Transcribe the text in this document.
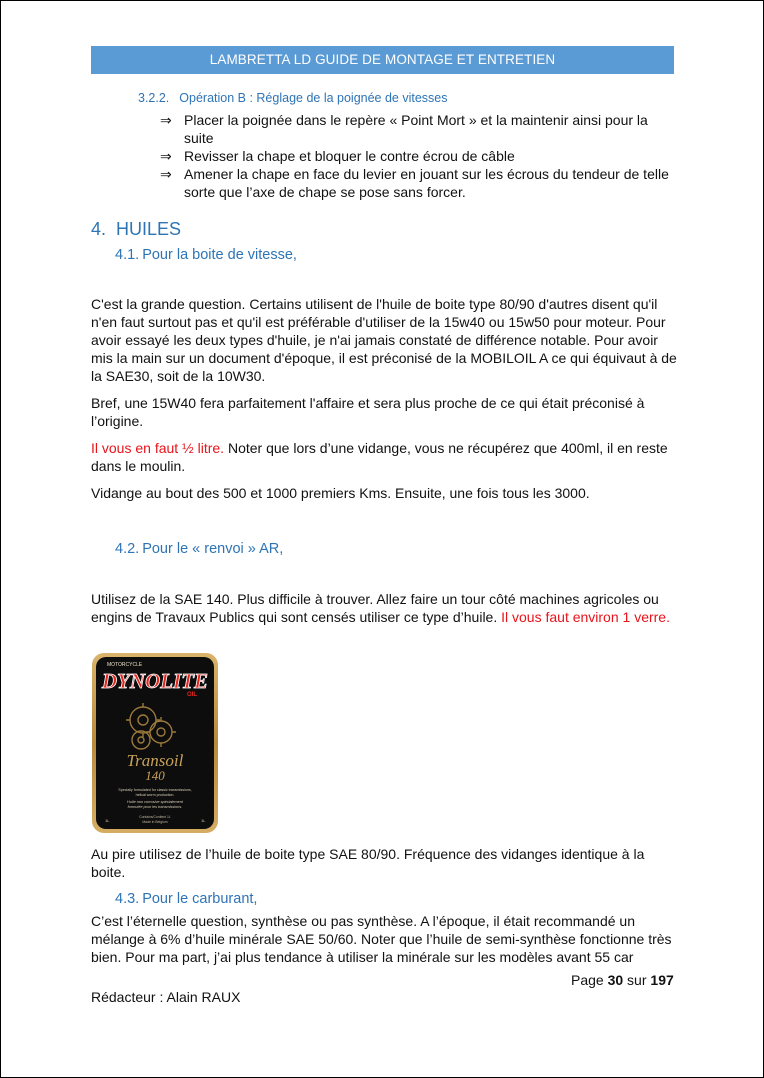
LAMBRETTA LD GUIDE DE MONTAGE ET ENTRETIEN
3.2.2. Opération B : Réglage de la poignée de vitesses
⇒ Placer la poignée dans le repère « Point Mort » et la maintenir ainsi pour la suite
⇒ Revisser la chape et bloquer le contre écrou de câble
⇒ Amener la chape en face du levier en jouant sur les écrous du tendeur de telle sorte que l’axe de chape se pose sans forcer.
4. HUILES
4.1. Pour la boite de vitesse,
C'est la grande question. Certains utilisent de l'huile de boite type 80/90 d'autres disent qu'il n'en faut surtout pas et qu'il est préférable d'utiliser de la 15w40 ou 15w50 pour moteur. Pour avoir essayé les deux types d'huile, je n'ai jamais constaté de différence notable. Pour avoir mis la main sur un document d'époque, il est préconisé de la MOBILOIL A ce qui équivaut à de la SAE30, soit de la 10W30.
Bref, une 15W40 fera parfaitement l'affaire et sera plus proche de ce qui était préconisé à l’origine.
Il vous en faut ½ litre. Noter que lors d’une vidange, vous ne récupérez que 400ml, il en reste dans le moulin.
Vidange au bout des 500 et 1000 premiers Kms. Ensuite, une fois tous les 3000.
4.2. Pour le « renvoi » AR,
Utilisez de la SAE 140. Plus difficile à trouver. Allez faire un tour côté machines agricoles ou engins de Travaux Publics qui sont censés utiliser ce type d’huile. Il vous faut environ 1 verre.
MOTORCYCLE
DYNOLITE
OIL
Transoil
140
Specially formulated for classic transmissions,
helical worm production.
Huile non corrosive spécialement
formulée pour les transmissions.
Contains/Contient 1L
Made in Belgium
1L	1L
Au pire utilisez de l’huile de boite type SAE 80/90. Fréquence des vidanges identique à la boite.
4.3. Pour le carburant,
C’est l’éternelle question, synthèse ou pas synthèse. A l’époque, il était recommandé un mélange à 6% d’huile minérale SAE 50/60. Noter que l’huile de semi-synthèse fonctionne très bien. Pour ma part, j’ai plus tendance à utiliser la minérale sur les modèles avant 55 car
Page 30 sur 197
Rédacteur : Alain RAUX
